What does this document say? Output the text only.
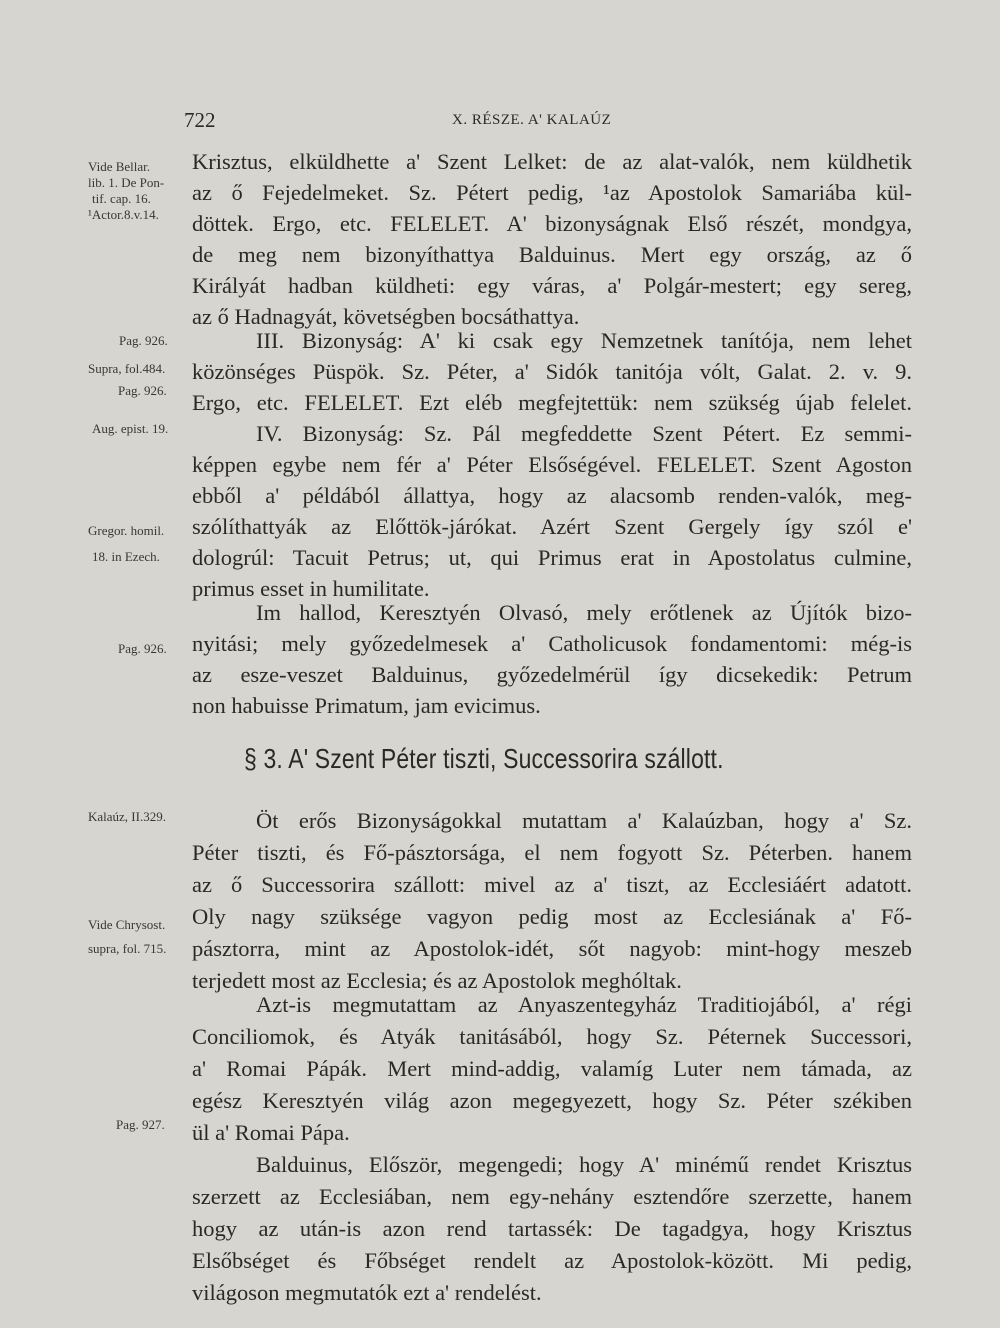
722	X. RÉSZE. A' KALAÚZ
Vide Bellar.
lib. 1. De Pon-
tif. cap. 16.
¹Actor.8.v.14.
Pag. 926.
Supra, fol.484.
Pag. 926.
Aug. epist. 19.
Gregor. homil.
18. in Ezech.
Pag. 926.
Kalaúz, II.329.
Vide Chrysost.
supra, fol. 715.
Pag. 927.
Krisztus, elküldhette a' Szent Lelket: de az alat-valók, nem küldhetik
az ő Fejedelmeket. Sz. Pétert pedig, ¹az Apostolok Samariába kül-
döttek. Ergo, etc. FELELET. A' bizonyságnak Első részét, mondgya,
de meg nem bizonyíthattya Balduinus. Mert egy ország, az ő
Királyát hadban küldheti: egy váras, a' Polgár-mestert; egy sereg,
az ő Hadnagyát, követségben bocsáthattya.
III. Bizonyság: A' ki csak egy Nemzetnek tanítója, nem lehet
közönséges Püspök. Sz. Péter, a' Sidók tanitója vólt, Galat. 2. v. 9.
Ergo, etc. FELELET. Ezt eléb megfejtettük: nem szükség újab felelet.
IV. Bizonyság: Sz. Pál megfeddette Szent Pétert. Ez semmi-
képpen egybe nem fér a' Péter Elsőségével. FELELET. Szent Agoston
ebből a' példából állattya, hogy az alacsomb renden-valók, meg-
szólíthattyák az Előttök-járókat. Azért Szent Gergely így szól e'
dologrúl: Tacuit Petrus; ut, qui Primus erat in Apostolatus culmine,
primus esset in humilitate.
Im hallod, Keresztyén Olvasó, mely erőtlenek az Újítók bizo-
nyitási; mely győzedelmesek a' Catholicusok fondamentomi: még-is
az esze-veszet Balduinus, győzedelmérül így dicsekedik: Petrum
non habuisse Primatum, jam evicimus.
§ 3. A' Szent Péter tiszti, Successorira szállott.
Öt erős Bizonyságokkal mutattam a' Kalaúzban, hogy a' Sz.
Péter tiszti, és Fő-pásztorsága, el nem fogyott Sz. Péterben. hanem
az ő Successorira szállott: mivel az a' tiszt, az Ecclesiáért adatott.
Oly nagy szüksége vagyon pedig most az Ecclesiának a' Fő-
pásztorra, mint az Apostolok-idét, sőt nagyob: mint-hogy meszeb
terjedett most az Ecclesia; és az Apostolok meghóltak.
Azt-is megmutattam az Anyaszentegyház Traditiojából, a' régi
Conciliomok, és Atyák tanitásából, hogy Sz. Péternek Successori,
a' Romai Pápák. Mert mind-addig, valamíg Luter nem támada, az
egész Keresztyén világ azon megegyezett, hogy Sz. Péter székiben
ül a' Romai Pápa.
Balduinus, Először, megengedi; hogy A' minémű rendet Krisztus
szerzett az Ecclesiában, nem egy-nehány esztendőre szerzette, hanem
hogy az után-is azon rend tartassék: De tagadgya, hogy Krisztus
Elsőbséget és Főbséget rendelt az Apostolok-között. Mi pedig,
világoson megmutatók ezt a' rendelést.
